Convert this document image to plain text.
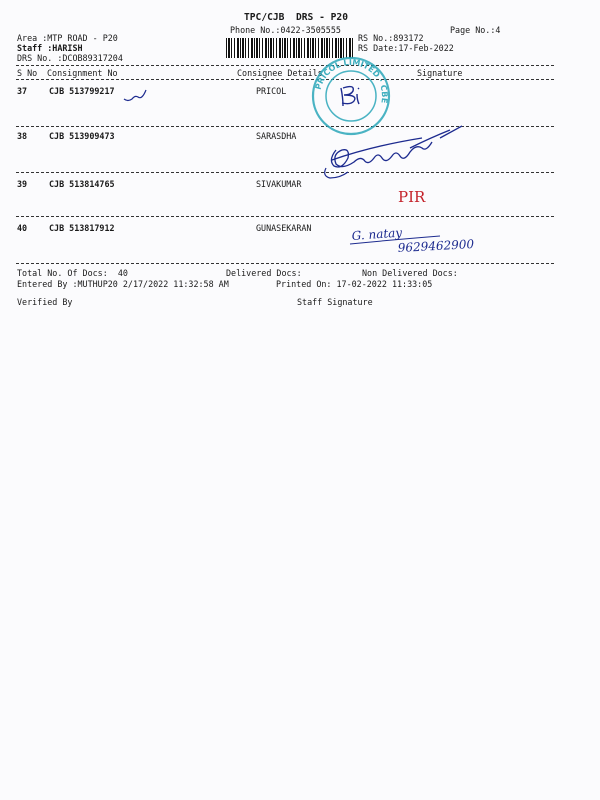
TPC/CJB  DRS - P20
Phone No.:0422-3505555	Page No.:4
Area :MTP ROAD - P20
Staff :HARISH
DRS No. :DCOB89317204
RS No.:893172
RS Date:17-Feb-2022
S No Consignment No	Consignee Details	Signature
37	CJB 513799217	PRICOL
38	CJB 513909473	SARASDHA
39	CJB 513814765	SIVAKUMAR
40	CJB 513817912	GUNASEKARAN
Total No. Of Docs:  40	Delivered Docs:	Non Delivered Docs:
Entered By :MUTHUP20 2/17/2022 11:32:58 AM	Printed On: 17-02-2022 11:33:05
Verified By	Staff Signature
PRICOL LIMITED · CBE
PIR
G. natay
9629462900
